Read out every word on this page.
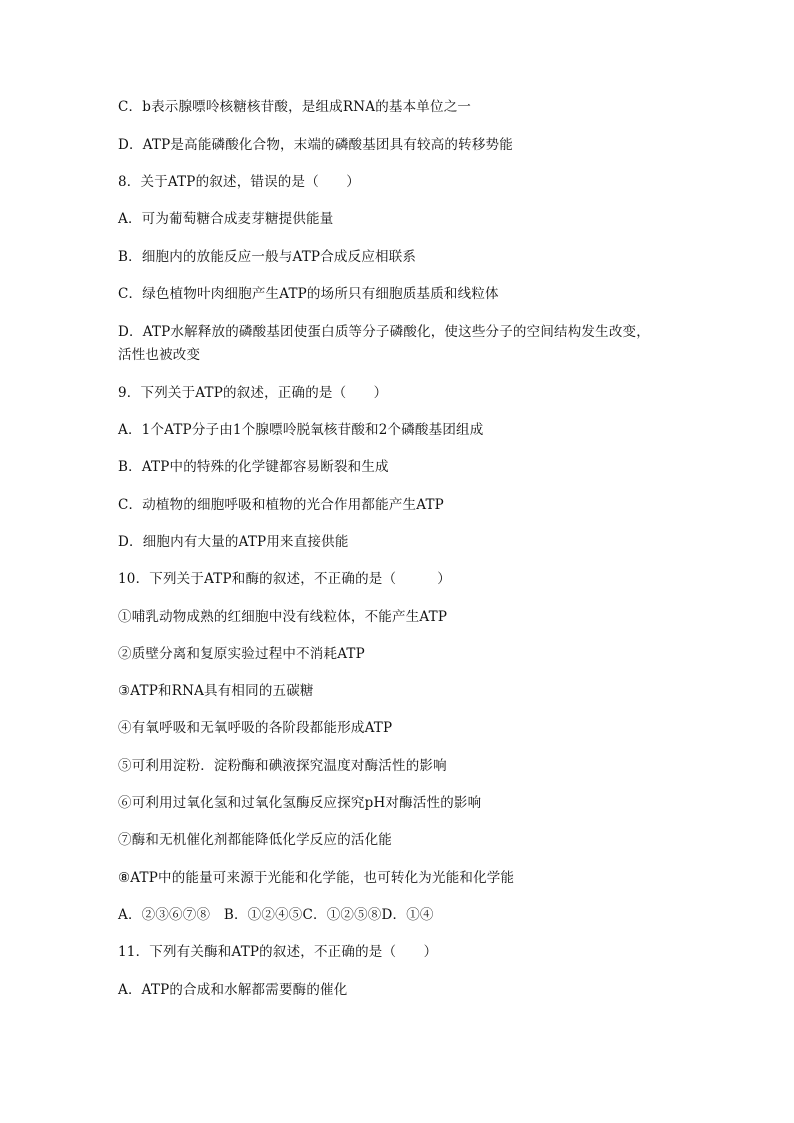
C．b表示腺嘌呤核糖核苷酸，是组成RNA的基本单位之一
D．ATP是高能磷酸化合物，末端的磷酸基团具有较高的转移势能
8．关于ATP的叙述，错误的是（　　）
A．可为葡萄糖合成麦芽糖提供能量
B．细胞内的放能反应一般与ATP合成反应相联系
C．绿色植物叶肉细胞产生ATP的场所只有细胞质基质和线粒体
D．ATP水解释放的磷酸基团使蛋白质等分子磷酸化，使这些分子的空间结构发生改变，
活性也被改变
9．下列关于ATP的叙述，正确的是（　　）
A．1个ATP分子由1个腺嘌呤脱氧核苷酸和2个磷酸基团组成
B．ATP中的特殊的化学键都容易断裂和生成
C．动植物的细胞呼吸和植物的光合作用都能产生ATP
D．细胞内有大量的ATP用来直接供能
10．下列关于ATP和酶的叙述，不正确的是（　　　）
①哺乳动物成熟的红细胞中没有线粒体，不能产生ATP
②质壁分离和复原实验过程中不消耗ATP
③ATP和RNA具有相同的五碳糖
④有氧呼吸和无氧呼吸的各阶段都能形成ATP
⑤可利用淀粉．淀粉酶和碘液探究温度对酶活性的影响
⑥可利用过氧化氢和过氧化氢酶反应探究pH对酶活性的影响
⑦酶和无机催化剂都能降低化学反应的活化能
⑧ATP中的能量可来源于光能和化学能，也可转化为光能和化学能
A．②③⑥⑦⑧　B．①②④⑤C．①②⑤⑧D．①④
11．下列有关酶和ATP的叙述，不正确的是（　　）
A．ATP的合成和水解都需要酶的催化
